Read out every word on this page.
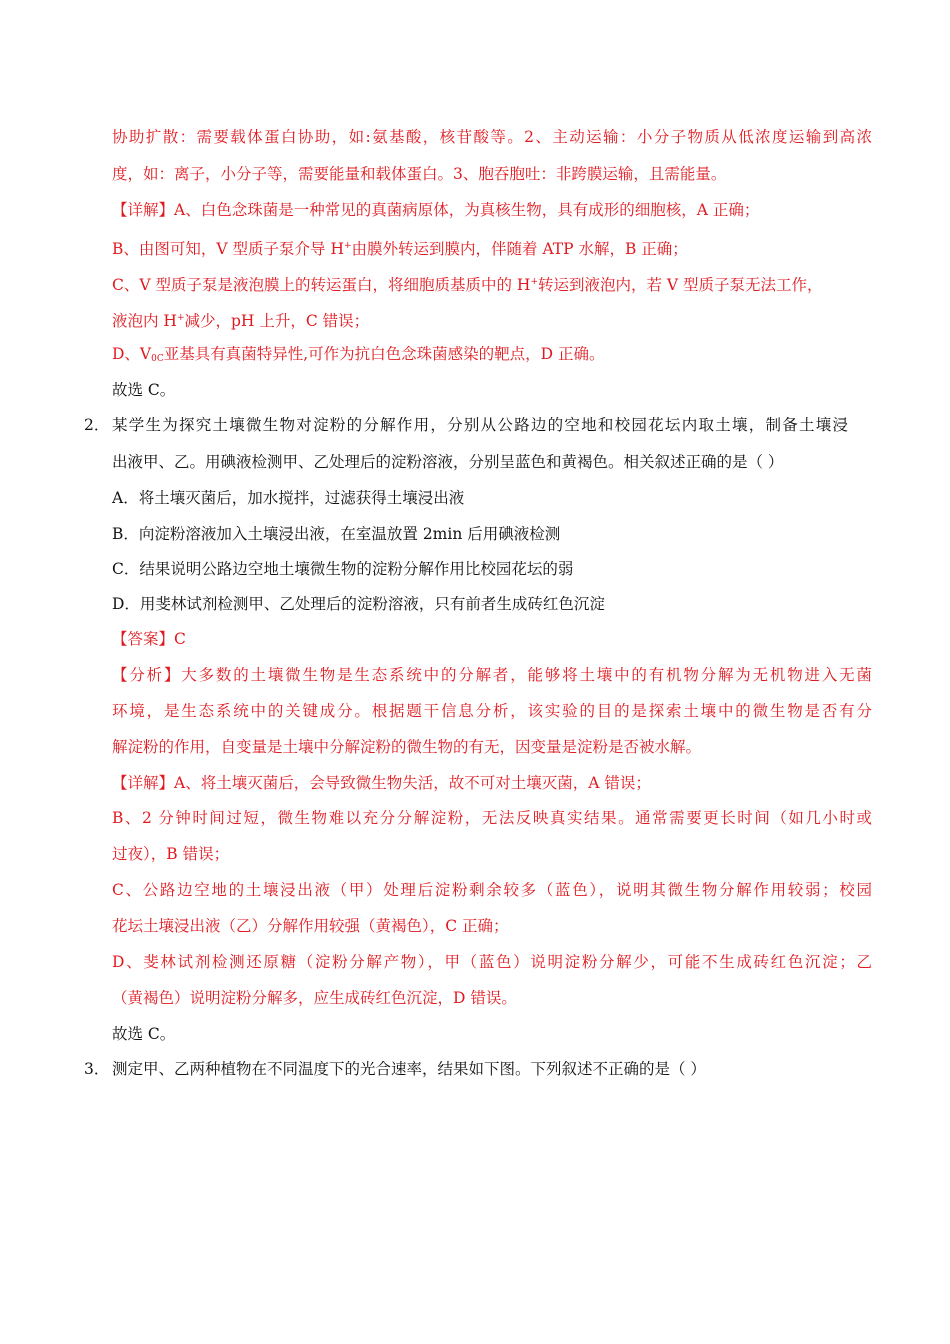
协助扩散：需要载体蛋白协助，如:氨基酸，核苷酸等。2、主动运输：小分子物质从低浓度运输到高浓
度，如：离子，小分子等，需要能量和载体蛋白。3、胞吞胞吐：非跨膜运输，且需能量。
【详解】A、白色念珠菌是一种常见的真菌病原体，为真核生物，具有成形的细胞核，A 正确；
B、由图可知，V 型质子泵介导 H+由膜外转运到膜内，伴随着 ATP 水解，B 正确；
C、V 型质子泵是液泡膜上的转运蛋白，将细胞质基质中的 H+转运到液泡内，若 V 型质子泵无法工作，
液泡内 H+减少，pH 上升，C 错误；
D、$V_{0C}$亚基具有真菌特异性,可作为抗白色念珠菌感染的靶点，D 正确。
故选 C。
2． 某学生为探究土壤微生物对淀粉的分解作用，分别从公路边的空地和校园花坛内取土壤，制备土壤浸
出液甲、乙。用碘液检测甲、乙处理后的淀粉溶液，分别呈蓝色和黄褐色。相关叙述正确的是（ ）
A．将土壤灭菌后，加水搅拌，过滤获得土壤浸出液
B．向淀粉溶液加入土壤浸出液，在室温放置 2min 后用碘液检测
C．结果说明公路边空地土壤微生物的淀粉分解作用比校园花坛的弱
D．用斐林试剂检测甲、乙处理后的淀粉溶液，只有前者生成砖红色沉淀
【答案】C
【分析】大多数的土壤微生物是生态系统中的分解者，能够将土壤中的有机物分解为无机物进入无菌
环境，是生态系统中的关键成分。根据题干信息分析，该实验的目的是探索土壤中的微生物是否有分
解淀粉的作用，自变量是土壤中分解淀粉的微生物的有无，因变量是淀粉是否被水解。
【详解】A、将土壤灭菌后，会导致微生物失活，故不可对土壤灭菌，A 错误；
B、2 分钟时间过短，微生物难以充分分解淀粉，无法反映真实结果。通常需要更长时间（如几小时或
过夜），B 错误；
C、公路边空地的土壤浸出液（甲）处理后淀粉剩余较多（蓝色），说明其微生物分解作用较弱；校园
花坛土壤浸出液（乙）分解作用较强（黄褐色），C 正确；
D、斐林试剂检测还原糖（淀粉分解产物），甲（蓝色）说明淀粉分解少，可能不生成砖红色沉淀；乙
（黄褐色）说明淀粉分解多，应生成砖红色沉淀，D 错误。
故选 C。
3． 测定甲、乙两种植物在不同温度下的光合速率，结果如下图。下列叙述不正确的是（ ）
